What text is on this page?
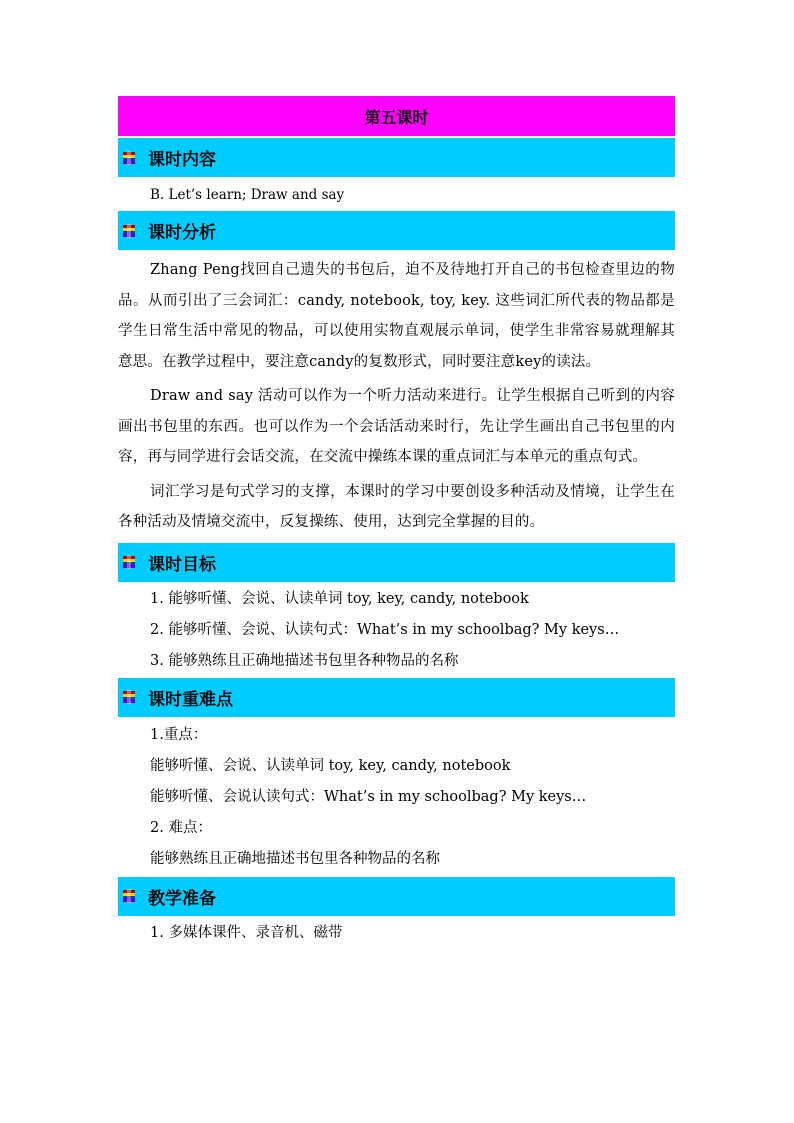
第五课时
课时内容
B. Let’s learn; Draw and say
课时分析

Zhang Peng找回自己遗失的书包后，迫不及待地打开自己的书包检查里边的物品。从而引出了三会词汇：candy, notebook, toy, key. 这些词汇所代表的物品都是学生日常生活中常见的物品，可以使用实物直观展示单词，使学生非常容易就理解其意思。在教学过程中，要注意candy的复数形式，同时要注意key的读法。

Draw and say 活动可以作为一个听力活动来进行。让学生根据自己听到的内容画出书包里的东西。也可以作为一个会话活动来时行，先让学生画出自己书包里的内容，再与同学进行会话交流，在交流中操练本课的重点词汇与本单元的重点句式。

词汇学习是句式学习的支撑，本课时的学习中要创设多种活动及情境，让学生在各种活动及情境交流中，反复操练、使用，达到完全掌握的目的。

课时目标
1. 能够听懂、会说、认读单词 toy, key, candy, notebook
2. 能够听懂、会说、认读句式：What’s in my schoolbag? My keys…
3. 能够熟练且正确地描述书包里各种物品的名称
课时重难点
1.重点：
能够听懂、会说、认读单词 toy, key, candy, notebook
能够听懂、会说认读句式：What’s in my schoolbag? My keys…
2. 难点：
能够熟练且正确地描述书包里各种物品的名称
教学准备
1. 多媒体课件、录音机、磁带
